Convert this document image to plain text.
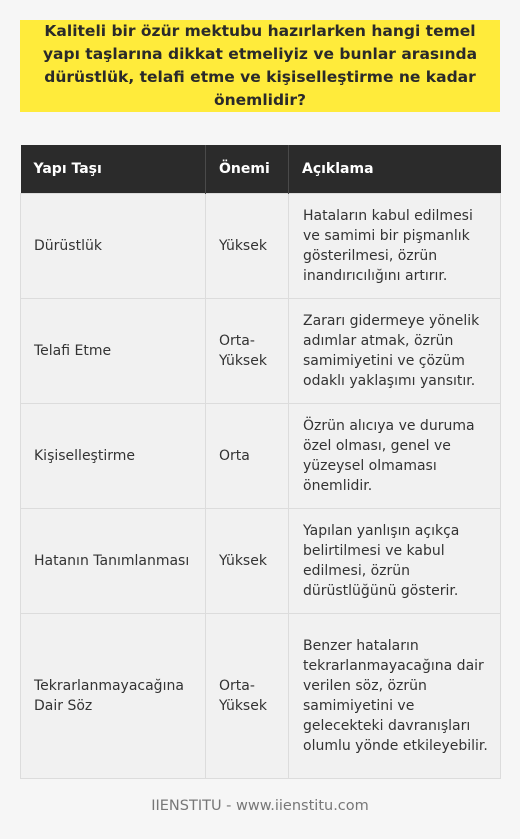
Kaliteli bir özür mektubu hazırlarken hangi temel yapı taşlarına dikkat etmeliyiz ve bunlar arasında dürüstlük, telafi etme ve kişiselleştirme ne kadar önemlidir?
Yapı Taşı	Önemi	Açıklama
Dürüstlük	Yüksek	Hataların kabul edilmesi ve samimi bir pişmanlık gösterilmesi, özrün inandırıcılığını artırır.
Telafi Etme	Orta-Yüksek	Zararı gidermeye yönelik adımlar atmak, özrün samimiyetini ve çözüm odaklı yaklaşımı yansıtır.
Kişiselleştirme	Orta	Özrün alıcıya ve duruma özel olması, genel ve yüzeysel olmaması önemlidir.
Hatanın Tanımlanması	Yüksek	Yapılan yanlışın açıkça belirtilmesi ve kabul edilmesi, özrün dürüstlüğünü gösterir.
Tekrarlanmayacağına Dair Söz	Orta-Yüksek	Benzer hataların tekrarlanmayacağına dair verilen söz, özrün samimiyetini ve gelecekteki davranışları olumlu yönde etkileyebilir.
IIENSTITU - www.iienstitu.com
